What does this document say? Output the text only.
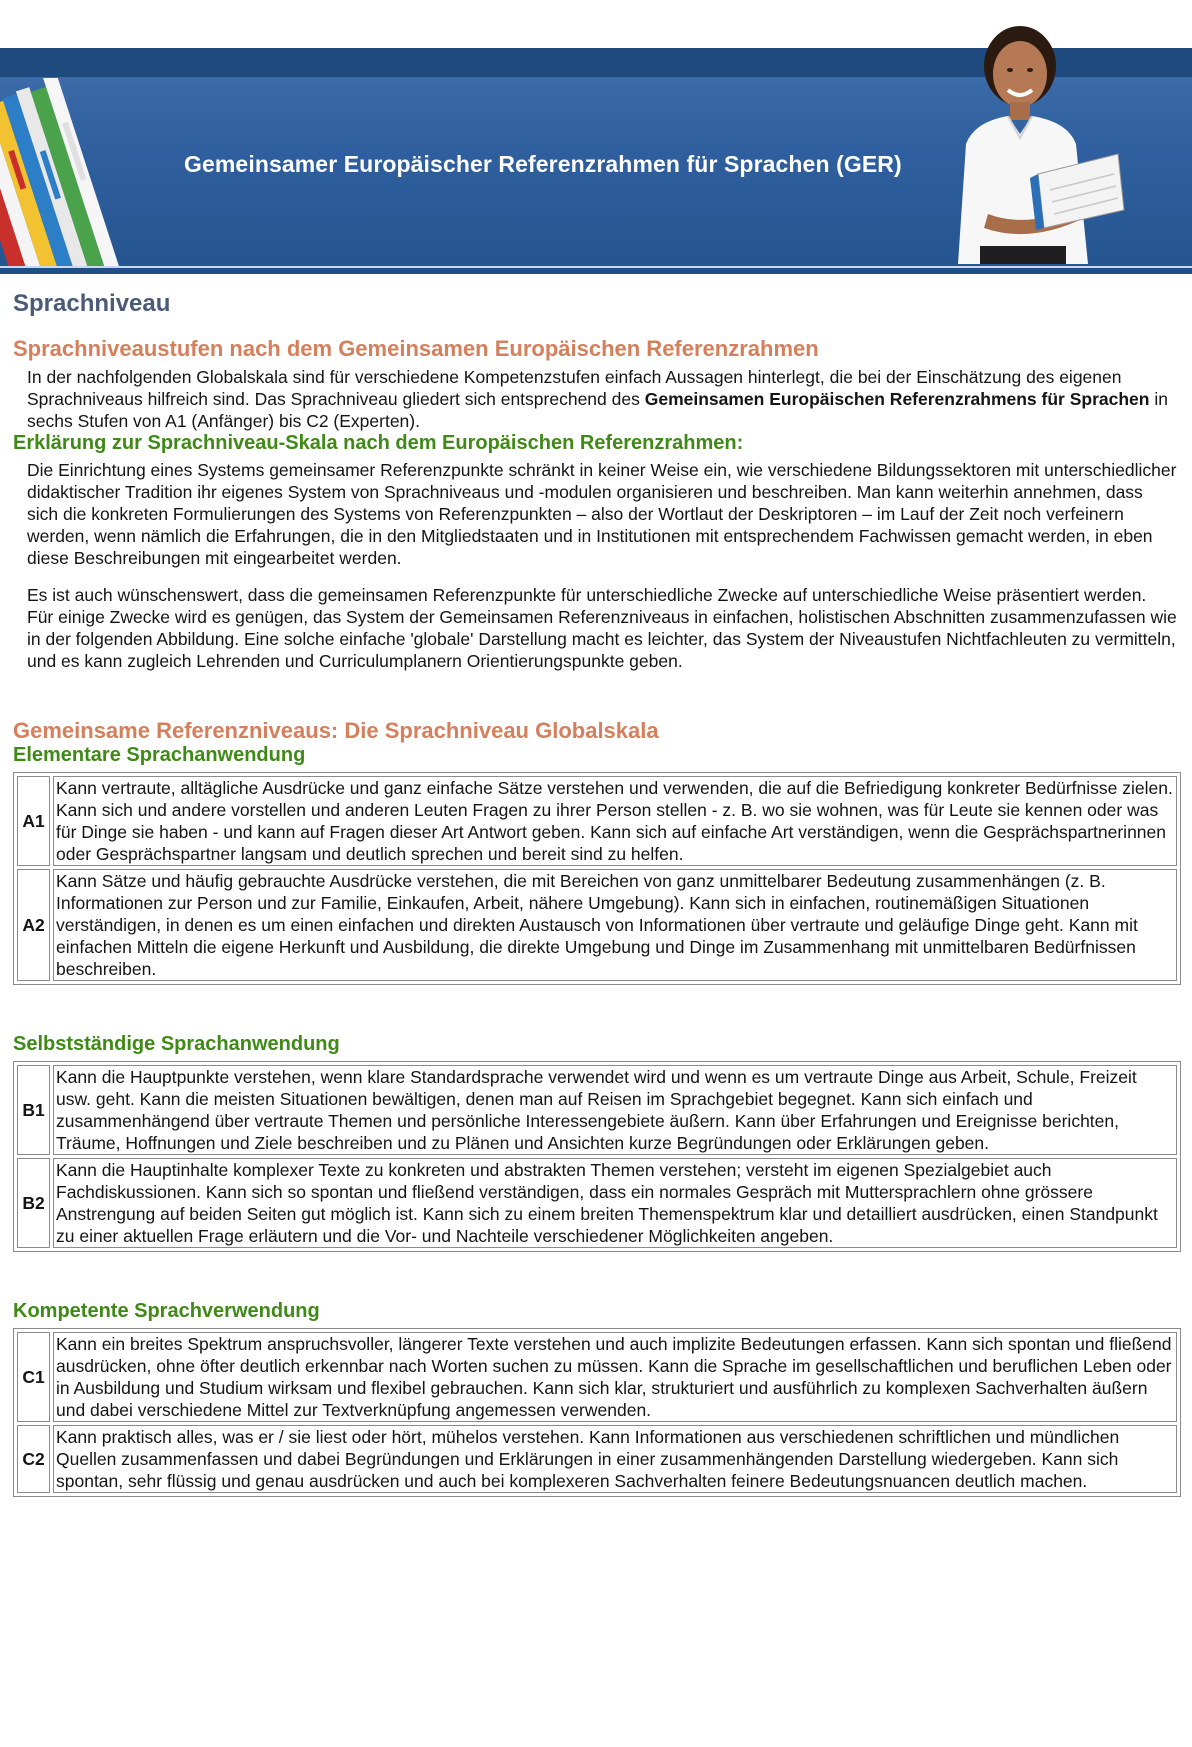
Gemeinsamer Europäischer Referenzrahmen für Sprachen (GER)
Sprachniveau
Sprachniveaustufen nach dem Gemeinsamen Europäischen Referenzrahmen

In der nachfolgenden Globalskala sind für verschiedene Kompetenzstufen einfach Aussagen hinterlegt, die bei der Einschätzung des eigenen Sprachniveaus hilfreich sind. Das Sprachniveau gliedert sich entsprechend des Gemeinsamen Europäischen Referenzrahmens für Sprachen in sechs Stufen von A1 (Anfänger) bis C2 (Experten).

Erklärung zur Sprachniveau-Skala nach dem Europäischen Referenzrahmen:

Die Einrichtung eines Systems gemeinsamer Referenzpunkte schränkt in keiner Weise ein, wie verschiedene Bildungssektoren mit unterschiedlicher didaktischer Tradition ihr eigenes System von Sprachniveaus und -modulen organisieren und beschreiben. Man kann weiterhin annehmen, dass sich die konkreten Formulierungen des Systems von Referenzpunkten – also der Wortlaut der Deskriptoren – im Lauf der Zeit noch verfeinern werden, wenn nämlich die Erfahrungen, die in den Mitgliedstaaten und in Institutionen mit entsprechendem Fachwissen gemacht werden, in eben diese Beschreibungen mit eingearbeitet werden.

Es ist auch wünschenswert, dass die gemeinsamen Referenzpunkte für unterschiedliche Zwecke auf unterschiedliche Weise präsentiert werden. Für einige Zwecke wird es genügen, das System der Gemeinsamen Referenzniveaus in einfachen, holistischen Abschnitten zusammenzufassen wie in der folgenden Abbildung. Eine solche einfache 'globale' Darstellung macht es leichter, das System der Niveaustufen Nichtfachleuten zu vermitteln, und es kann zugleich Lehrenden und Curriculumplanern Orientierungspunkte geben.

Gemeinsame Referenzniveaus: Die Sprachniveau Globalskala
Elementare Sprachanwendung
A1	Kann vertraute, alltägliche Ausdrücke und ganz einfache Sätze verstehen und verwenden, die auf die Befriedigung konkreter Bedürfnisse zielen. Kann sich und andere vorstellen und anderen Leuten Fragen zu ihrer Person stellen - z. B. wo sie wohnen, was für Leute sie kennen oder was für Dinge sie haben - und kann auf Fragen dieser Art Antwort geben. Kann sich auf einfache Art verständigen, wenn die Gesprächspartnerinnen oder Gesprächspartner langsam und deutlich sprechen und bereit sind zu helfen.
A2	Kann Sätze und häufig gebrauchte Ausdrücke verstehen, die mit Bereichen von ganz unmittelbarer Bedeutung zusammenhängen (z. B. Informationen zur Person und zur Familie, Einkaufen, Arbeit, nähere Umgebung). Kann sich in einfachen, routinemäßigen Situationen verständigen, in denen es um einen einfachen und direkten Austausch von Informationen über vertraute und geläufige Dinge geht. Kann mit einfachen Mitteln die eigene Herkunft und Ausbildung, die direkte Umgebung und Dinge im Zusammenhang mit unmittelbaren Bedürfnissen beschreiben.
Selbstständige Sprachanwendung
B1	Kann die Hauptpunkte verstehen, wenn klare Standardsprache verwendet wird und wenn es um vertraute Dinge aus Arbeit, Schule, Freizeit usw. geht. Kann die meisten Situationen bewältigen, denen man auf Reisen im Sprachgebiet begegnet. Kann sich einfach und zusammenhängend über vertraute Themen und persönliche Interessengebiete äußern. Kann über Erfahrungen und Ereignisse berichten, Träume, Hoffnungen und Ziele beschreiben und zu Plänen und Ansichten kurze Begründungen oder Erklärungen geben.
B2	Kann die Hauptinhalte komplexer Texte zu konkreten und abstrakten Themen verstehen; versteht im eigenen Spezialgebiet auch Fachdiskussionen. Kann sich so spontan und fließend verständigen, dass ein normales Gespräch mit Muttersprachlern ohne grössere Anstrengung auf beiden Seiten gut möglich ist. Kann sich zu einem breiten Themenspektrum klar und detailliert ausdrücken, einen Standpunkt zu einer aktuellen Frage erläutern und die Vor- und Nachteile verschiedener Möglichkeiten angeben.
Kompetente Sprachverwendung
C1	Kann ein breites Spektrum anspruchsvoller, längerer Texte verstehen und auch implizite Bedeutungen erfassen. Kann sich spontan und fließend ausdrücken, ohne öfter deutlich erkennbar nach Worten suchen zu müssen. Kann die Sprache im gesellschaftlichen und beruflichen Leben oder in Ausbildung und Studium wirksam und flexibel gebrauchen. Kann sich klar, strukturiert und ausführlich zu komplexen Sachverhalten äußern und dabei verschiedene Mittel zur Textverknüpfung angemessen verwenden.
C2	Kann praktisch alles, was er / sie liest oder hört, mühelos verstehen. Kann Informationen aus verschiedenen schriftlichen und mündlichen Quellen zusammenfassen und dabei Begründungen und Erklärungen in einer zusammenhängenden Darstellung wiedergeben. Kann sich spontan, sehr flüssig und genau ausdrücken und auch bei komplexeren Sachverhalten feinere Bedeutungsnuancen deutlich machen.
